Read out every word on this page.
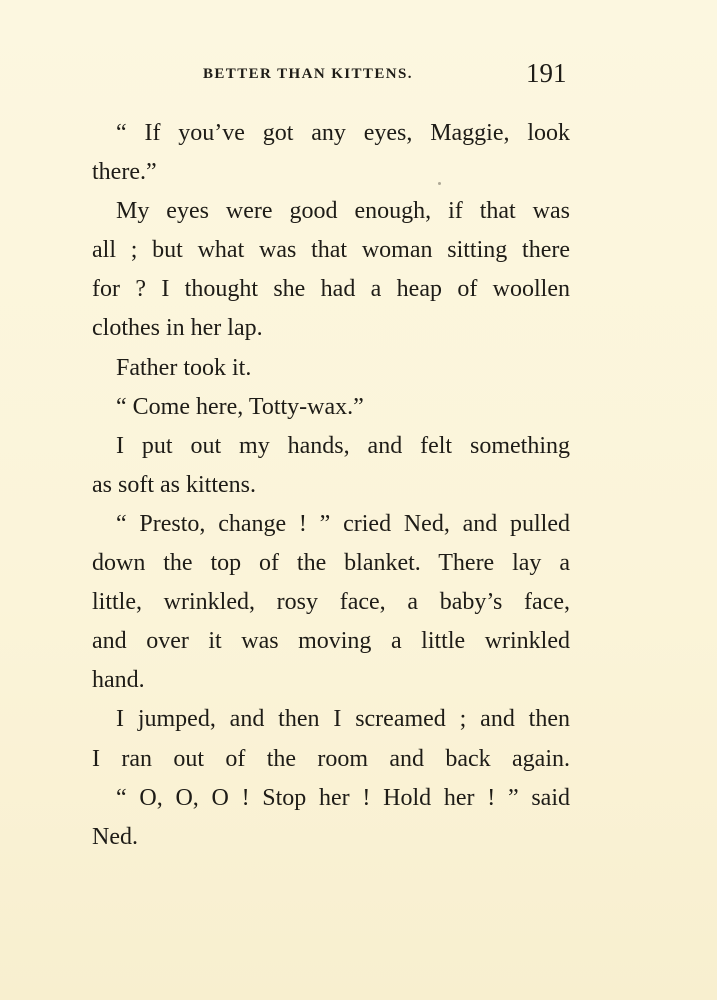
BETTER THAN KITTENS.	191
“ If you’ve got any eyes, Maggie, look
there.”
My eyes were good enough, if that was
all ; but what was that woman sitting there
for ? I thought she had a heap of woollen
clothes in her lap.
Father took it.
“ Come here, Totty-wax.”
I put out my hands, and felt something
as soft as kittens.
“ Presto, change ! ” cried Ned, and pulled
down the top of the blanket. There lay a
little, wrinkled, rosy face, a baby’s face,
and over it was moving a little wrinkled
hand.
I jumped, and then I screamed ; and then
I ran out of the room and back again.
“ O, O, O ! Stop her ! Hold her ! ” said
Ned.
